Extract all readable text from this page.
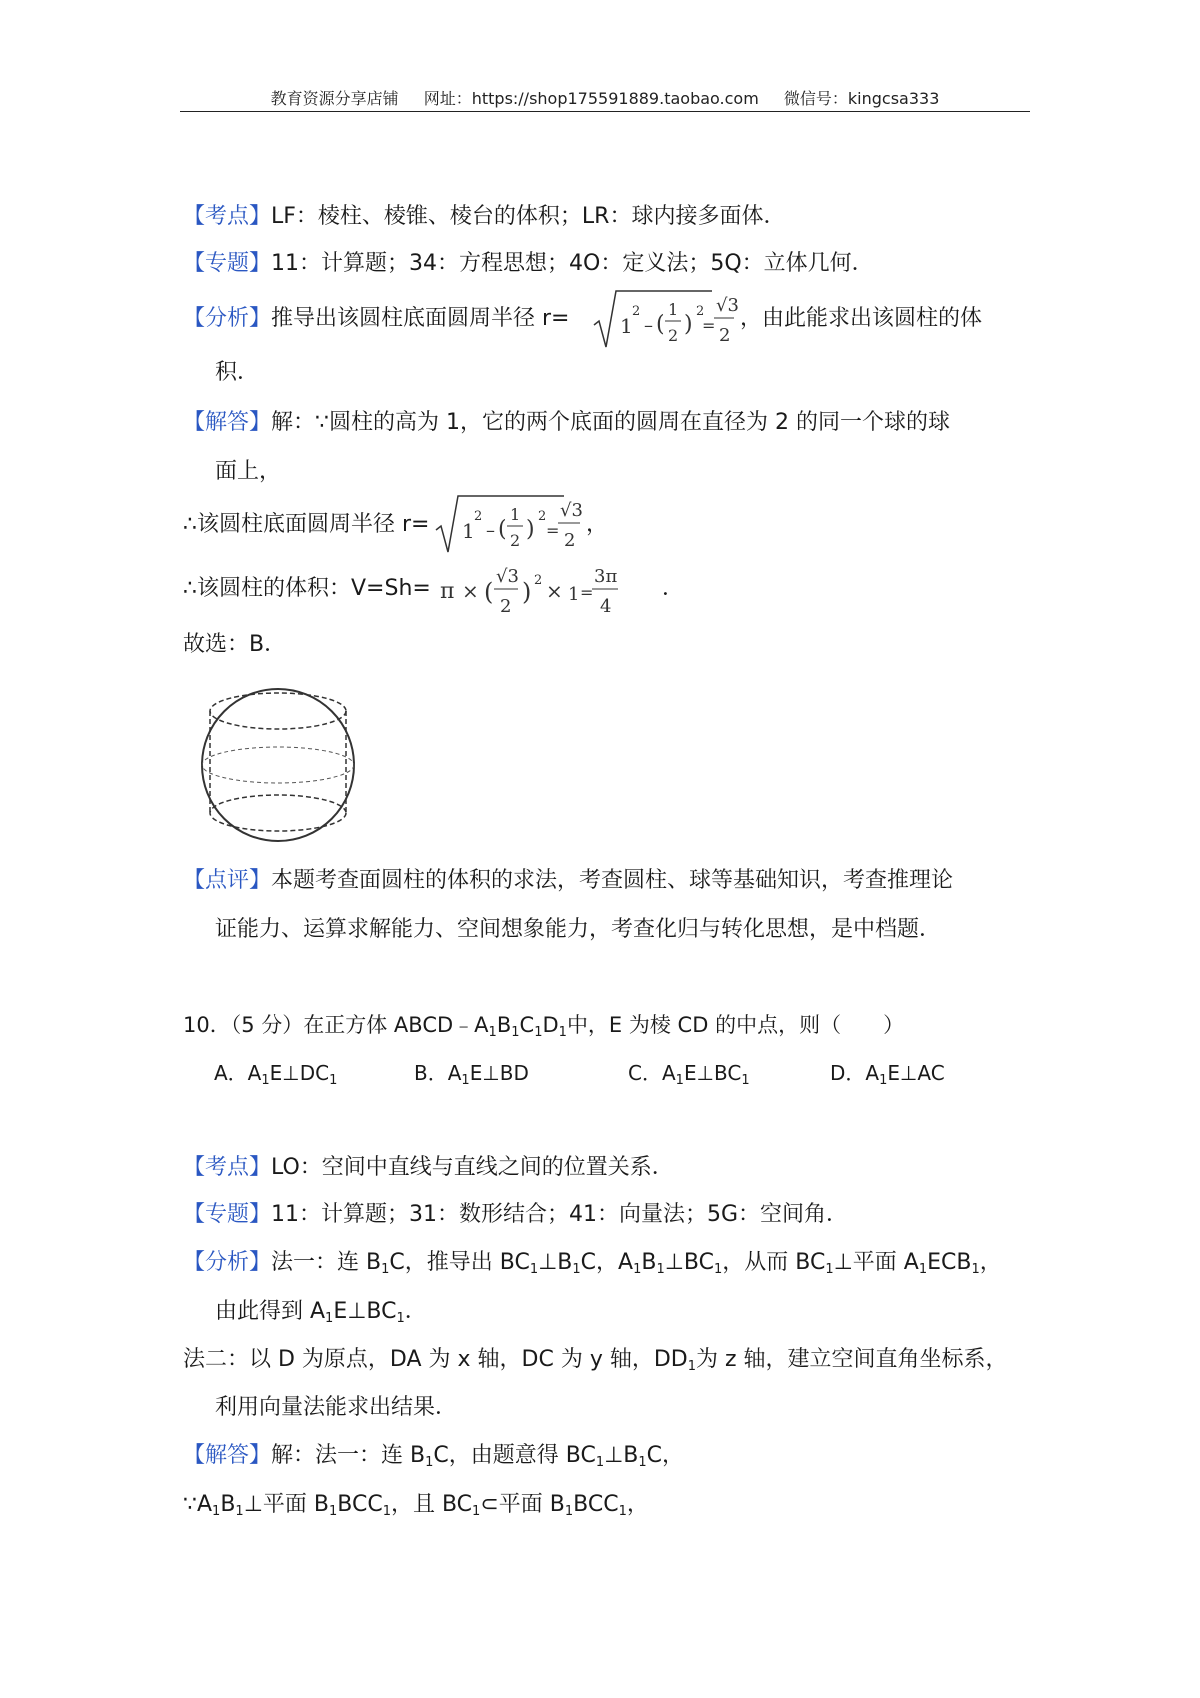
教育资源分享店铺 网址：https://shop175591889.taobao.com 微信号：kingcsa333
【考点】LF：棱柱、棱锥、棱台的体积；LR：球内接多面体．
【专题】11：计算题；34：方程思想；4O：定义法；5Q：立体几何．
【分析】推导出该圆柱底面圆周半径 r=	1
2
– (
1
2 )
2
=
√3
2
，由此能求出该圆柱的体
积．
【解答】解：∵圆柱的高为 1，它的两个底面的圆周在直径为 2 的同一个球的球
面上，
∴该圆柱底面圆周半径 r= 1
2
– (
1
2 )
2
=
√3
2
，
∴该圆柱的体积：V=Sh= π × (
√3
2
) 2 × 1 =
3π
4
．
故选：B．
【点评】本题考查面圆柱的体积的求法，考查圆柱、球等基础知识，考查推理论
证能力、运算求解能力、空间想象能力，考查化归与转化思想，是中档题．
10．（5 分）在正方体 $ABCD﹣A_1B_1C_1D_1$中，E 为棱 CD 的中点，则（　　）
A．$A_1E\perp DC_1$	B．$A_1E\perp BD$	C．$A_1E\perp BC_1$	D．$A_1E\perp AC$
【考点】LO：空间中直线与直线之间的位置关系．
【专题】11：计算题；31：数形结合；41：向量法；5G：空间角．
【分析】法一：连 $B_1C$，推导出 $BC_1\perp B_1C$，$A_1B_1\perp BC_1$，从而 $BC_1\perp$平面 $A_1ECB_1$，
由此得到 $A_1E\perp BC_1$．
法二：以 D 为原点，DA 为 x 轴，DC 为 y 轴，$DD_1$为 z 轴，建立空间直角坐标系，
利用向量法能求出结果．
【解答】解：法一：连 $B_1C$，由题意得 $BC_1\perp B_1C$，
$\because A_1B_1\perp$平面 $B_1BCC_1$，且 $BC_1\subset$平面 $B_1BCC_1$，
